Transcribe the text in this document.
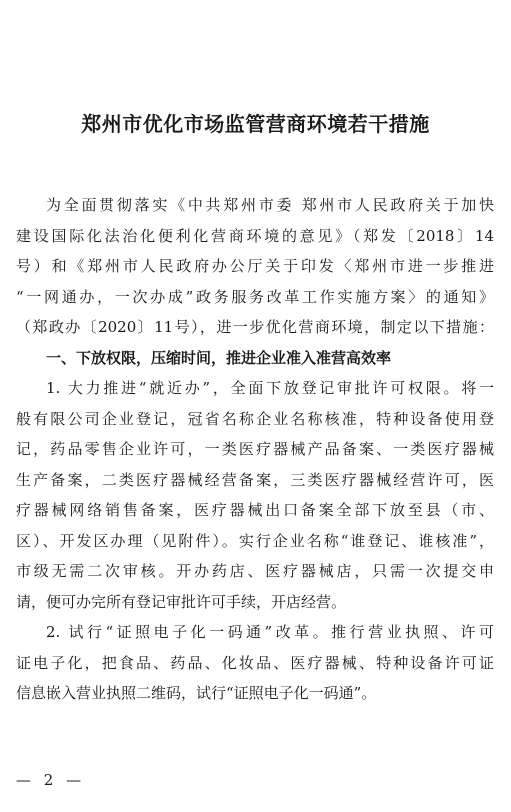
郑州市优化市场监管营商环境若干措施
为全面贯彻落实《中共郑州市委 郑州市人民政府关于加快
建设国际化法治化便利化营商环境的意见》（郑发〔2018〕14
号）和《郑州市人民政府办公厅关于印发〈郑州市进一步推进
“一网通办，一次办成”政务服务改革工作实施方案〉的通知》
（郑政办〔2020〕11号），进一步优化营商环境，制定以下措施：
一、下放权限，压缩时间，推进企业准入准营高效率
1. 大力推进“就近办”，全面下放登记审批许可权限。将一
般有限公司企业登记，冠省名称企业名称核准，特种设备使用登
记，药品零售企业许可，一类医疗器械产品备案、一类医疗器械
生产备案，二类医疗器械经营备案，三类医疗器械经营许可，医
疗器械网络销售备案，医疗器械出口备案全部下放至县（市、
区）、开发区办理（见附件）。实行企业名称“谁登记、谁核准”，
市级无需二次审核。开办药店、医疗器械店，只需一次提交申
请，便可办完所有登记审批许可手续，开店经营。
2. 试行“证照电子化一码通”改革。推行营业执照、许可
证电子化，把食品、药品、化妆品、医疗器械、特种设备许可证
信息嵌入营业执照二维码，试行“证照电子化一码通”。
— 2 —
